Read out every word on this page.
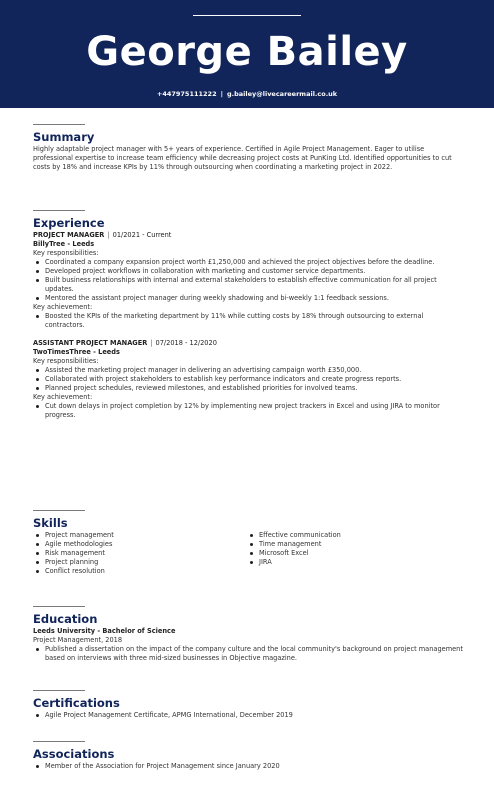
George Bailey
+447975111222 | g.bailey@livecareermail.co.uk
Summary
Highly adaptable project manager with 5+ years of experience. Certified in Agile Project Management. Eager to utilise professional expertise to increase team efficiency while decreasing project costs at PunKing Ltd. Identified opportunities to cut costs by 18% and increase KPIs by 11% through outsourcing when coordinating a marketing project in 2022.
Experience
PROJECT MANAGER | 01/2021 - Current
BillyTree - Leeds
Key responsibilities:
Coordinated a company expansion project worth £1,250,000 and achieved the project objectives before the deadline.
Developed project workflows in collaboration with marketing and customer service departments.
Built business relationships with internal and external stakeholders to establish effective communication for all project updates.
Mentored the assistant project manager during weekly shadowing and bi-weekly 1:1 feedback sessions.
Key achievement:
Boosted the KPIs of the marketing department by 11% while cutting costs by 18% through outsourcing to external contractors.
ASSISTANT PROJECT MANAGER | 07/2018 - 12/2020
TwoTimesThree - Leeds
Key responsibilities:
Assisted the marketing project manager in delivering an advertising campaign worth £350,000.
Collaborated with project stakeholders to establish key performance indicators and create progress reports.
Planned project schedules, reviewed milestones, and established priorities for involved teams.
Key achievement:
Cut down delays in project completion by 12% by implementing new project trackers in Excel and using JIRA to monitor progress.
Skills
Project management
Agile methodologies
Risk management
Project planning
Conflict resolution
Effective communication
Time management
Microsoft Excel
JIRA
Education
Leeds University - Bachelor of Science
Project Management, 2018
Published a dissertation on the impact of the company culture and the local community's background on project management based on interviews with three mid-sized businesses in Objective magazine.
Certifications
Agile Project Management Certificate, APMG International, December 2019
Associations
Member of the Association for Project Management since January 2020
